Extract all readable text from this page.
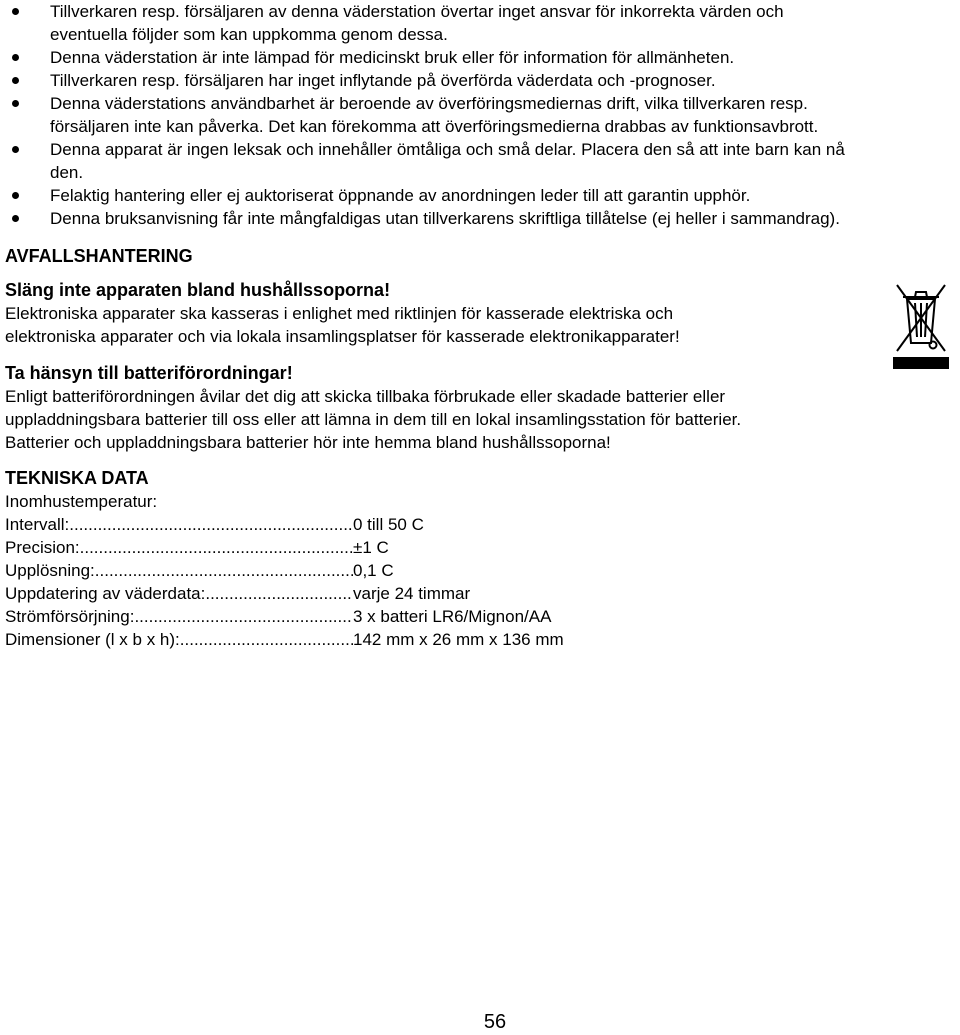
Tillverkaren resp. försäljaren av denna väderstation övertar inget ansvar för inkorrekta värden och
eventuella följder som kan uppkomma genom dessa.
Denna väderstation är inte lämpad för medicinskt bruk eller för information för allmänheten.
Tillverkaren resp. försäljaren har inget inflytande på överförda väderdata och -prognoser.
Denna väderstations användbarhet är beroende av överföringsmediernas drift, vilka tillverkaren resp.
försäljaren inte kan påverka. Det kan förekomma att överföringsmedierna drabbas av funktionsavbrott.
Denna apparat är ingen leksak och innehåller ömtåliga och små delar. Placera den så att inte barn kan nå
den.
Felaktig hantering eller ej auktoriserat öppnande av anordningen leder till att garantin upphör.
Denna bruksanvisning får inte mångfaldigas utan tillverkarens skriftliga tillåtelse (ej heller i sammandrag).
AVFALLSHANTERING
Släng inte apparaten bland hushållssoporna!
Elektroniska apparater ska kasseras i enlighet med riktlinjen för kasserade elektriska och
elektroniska apparater och via lokala insamlingsplatser för kasserade elektronikapparater!
Ta hänsyn till batteriförordningar!
Enligt batteriförordningen åvilar det dig att skicka tillbaka förbrukade eller skadade batterier eller
uppladdningsbara batterier till oss eller att lämna in dem till en lokal insamlingsstation för batterier.
Batterier och uppladdningsbara batterier hör inte hemma bland hushållssoporna!
TEKNISKA DATA
Inomhustemperatur:
Intervall: .....	0 till 50 C
Precision: .....	±1 C
Upplösning: .....	0,1 C
Uppdatering av väderdata: .....	varje 24 timmar
Strömförsörjning: .....	3 x batteri LR6/Mignon/AA
Dimensioner (l x b x h): .....	142 mm x 26 mm x 136 mm
56
